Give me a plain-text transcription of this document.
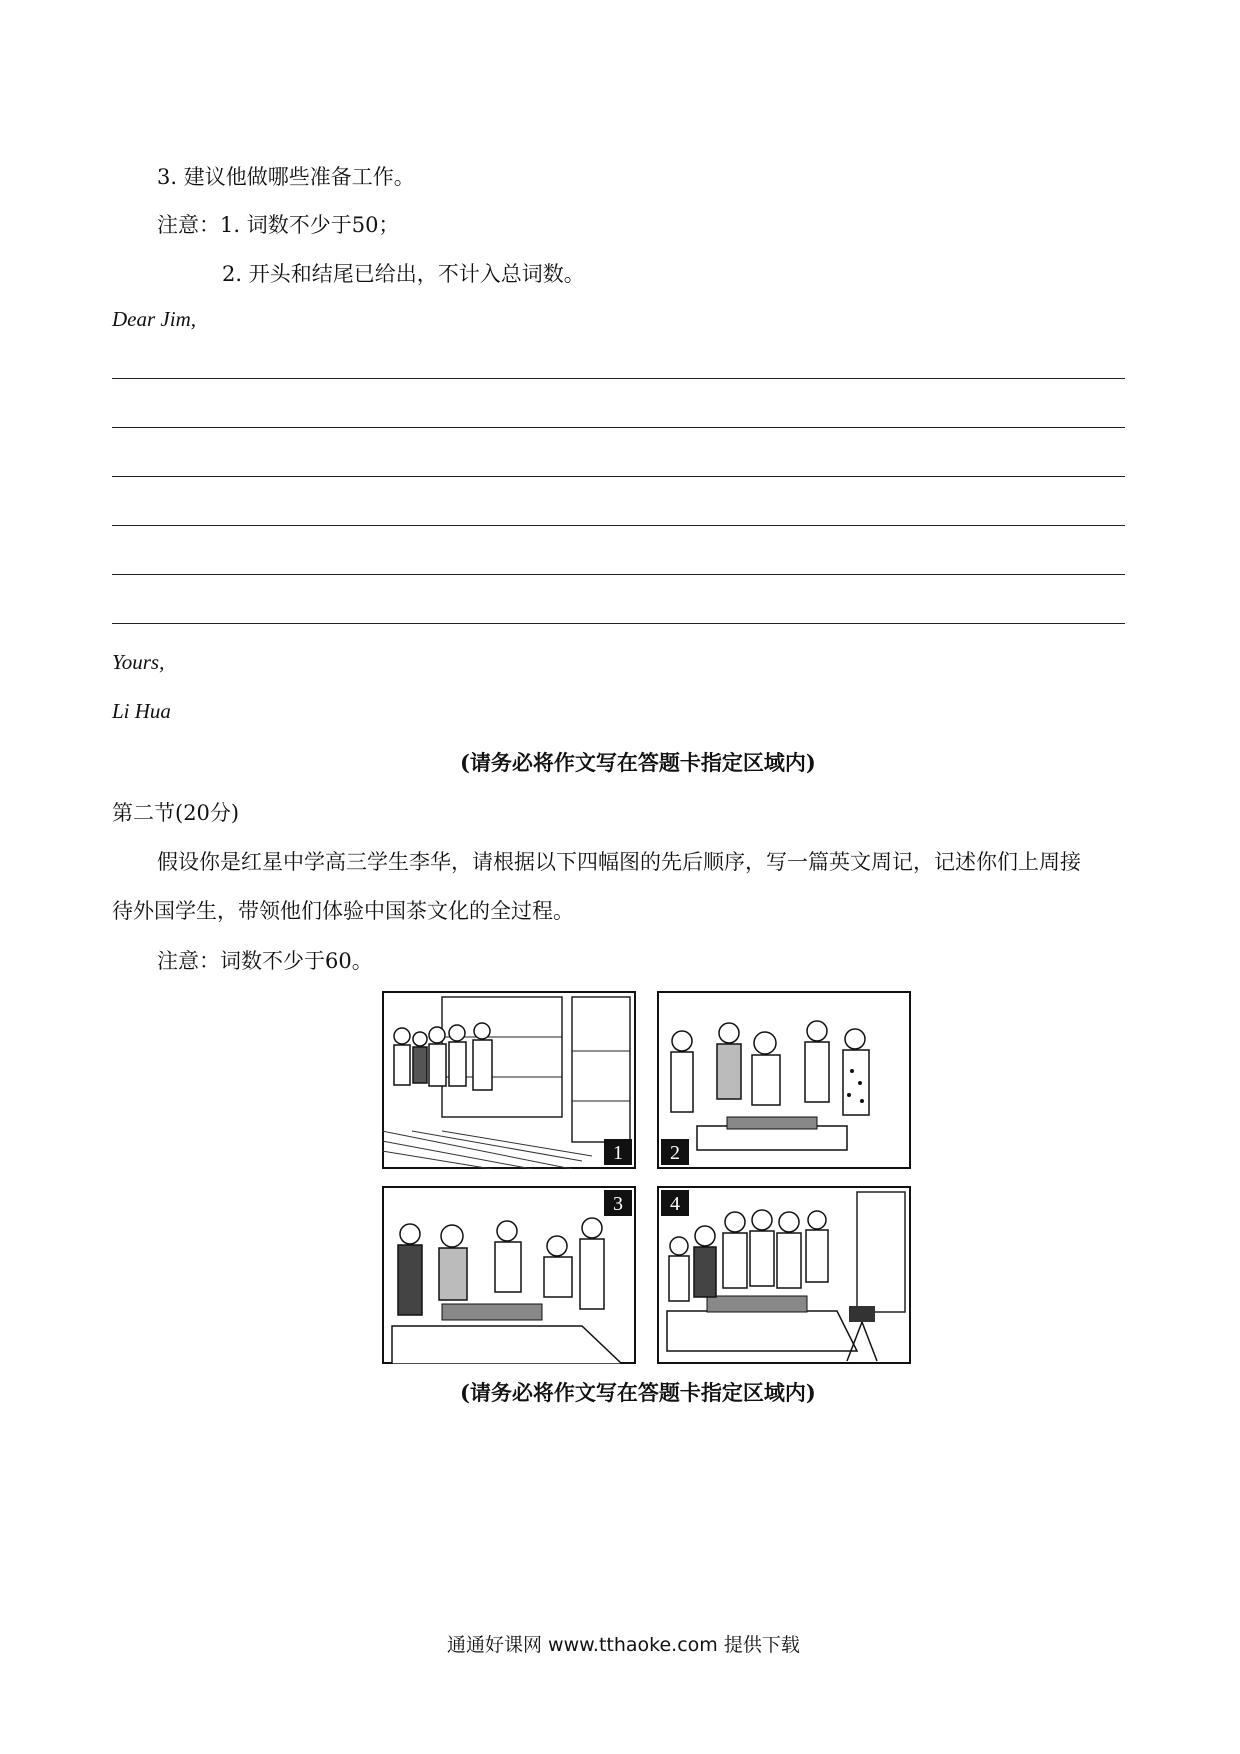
3. 建议他做哪些准备工作。
注意：1. 词数不少于50；
2. 开头和结尾已给出，不计入总词数。
Dear Jim,
Yours,
Li Hua
(请务必将作文写在答题卡指定区域内)
第二节(20分)
假设你是红星中学高三学生李华，请根据以下四幅图的先后顺序，写一篇英文周记，记述你们上周接
待外国学生，带领他们体验中国茶文化的全过程。
注意：词数不少于60。
1 2
3 4
(请务必将作文写在答题卡指定区域内)
通通好课网 www.tthaoke.com 提供下载
